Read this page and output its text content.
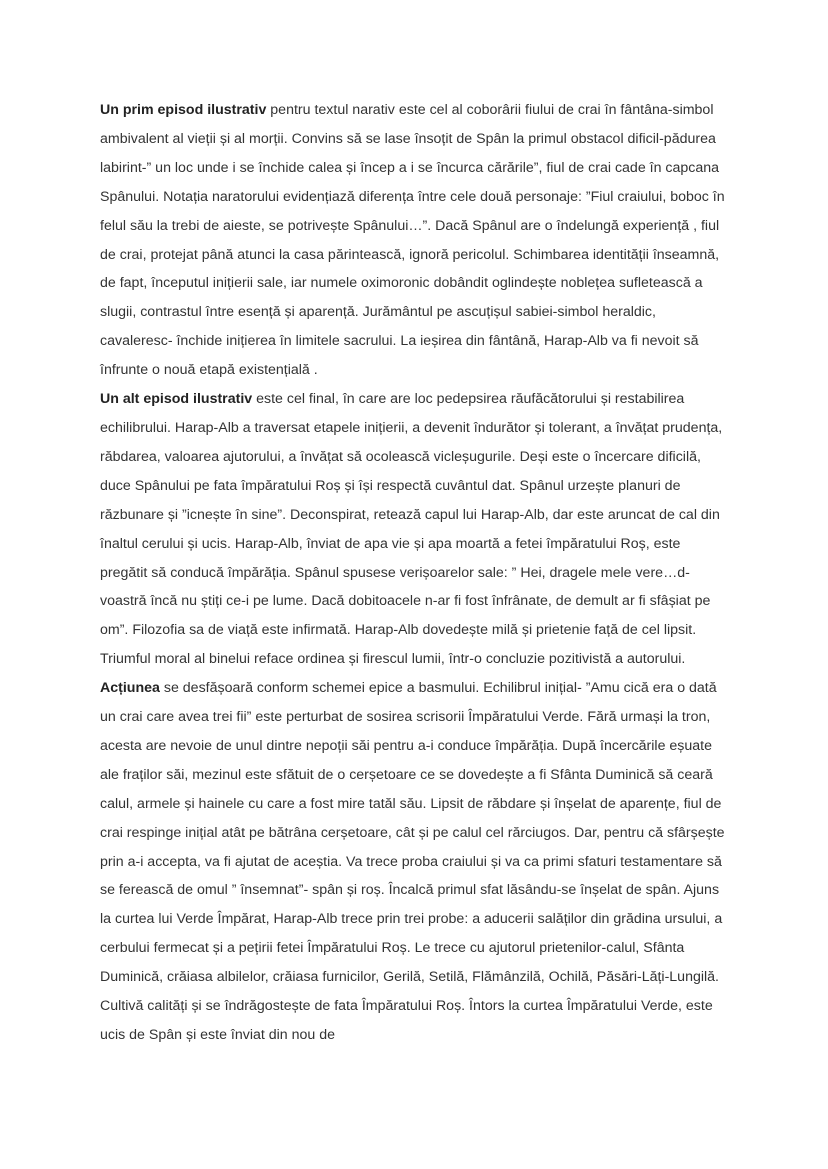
Un prim episod ilustrativ pentru textul narativ este cel al coborârii fiului de crai în fântâna-simbol ambivalent al vieții și al morții. Convins să se lase însoțit de Spân la primul obstacol dificil-pădurea labirint-” un loc unde i se închide calea și încep a i se încurca cărările”, fiul de crai cade în capcana Spânului. Notația naratorului evidențiază diferența între cele două personaje: ”Fiul craiului, boboc în felul său la trebi de aieste, se potrivește Spânului…”. Dacă Spânul are o îndelungă experiență , fiul de crai, protejat până atunci la casa părintească, ignoră pericolul. Schimbarea identității înseamnă, de fapt, începutul inițierii sale, iar numele oximoronic dobândit oglindește noblețea sufletească a slugii, contrastul între esență și aparență. Jurământul pe ascuțișul sabiei-simbol heraldic, cavaleresc- închide inițierea în limitele sacrului. La ieșirea din fântână, Harap-Alb va fi nevoit să înfrunte o nouă etapă existențială .

Un alt episod ilustrativ este cel final, în care are loc pedepsirea răufăcătorului și restabilirea echilibrului. Harap-Alb a traversat etapele inițierii, a devenit îndurător și tolerant, a învățat prudența, răbdarea, valoarea ajutorului, a învățat să ocolească vicleșugurile. Deși este o încercare dificilă, duce Spânului pe fata împăratului Roș și își respectă cuvântul dat. Spânul urzește planuri de răzbunare și ”icnește în sine”. Deconspirat, retează capul lui Harap-Alb, dar este aruncat de cal din înaltul cerului și ucis. Harap-Alb, înviat de apa vie și apa moartă a fetei împăratului Roș, este pregătit să conducă împărăția. Spânul spusese verișoarelor sale: ” Hei, dragele mele vere…d-voastră încă nu știți ce-i pe lume. Dacă dobitoacele n-ar fi fost înfrânate, de demult ar fi sfâșiat pe om”. Filozofia sa de viață este infirmată. Harap-Alb dovedește milă și prietenie față de cel lipsit. Triumful moral al binelui reface ordinea și firescul lumii, într-o concluzie pozitivistă a autorului.

Acțiunea se desfășoară conform schemei epice a basmului. Echilibrul inițial- ”Amu cică era o dată un crai care avea trei fii” este perturbat de sosirea scrisorii Împăratului Verde. Fără urmași la tron, acesta are nevoie de unul dintre nepoții săi pentru a-i conduce împărăția. După încercările eșuate ale fraților săi, mezinul este sfătuit de o cerșetoare ce se dovedește a fi Sfânta Duminică să ceară calul, armele și hainele cu care a fost mire tatăl său. Lipsit de răbdare și înșelat de aparențe, fiul de crai respinge inițial atât pe bătrâna cerșetoare, cât și pe calul cel rărciugos. Dar, pentru că sfârșește prin a-i accepta, va fi ajutat de aceștia. Va trece proba craiului și va ca primi sfaturi testamentare să se ferească de omul ” însemnat”- spân și roș. Încalcă primul sfat lăsându-se înșelat de spân. Ajuns la curtea lui Verde Împărat, Harap-Alb trece prin trei probe: a aducerii salăților din grădina ursului, a cerbului fermecat și a pețirii fetei Împăratului Roș. Le trece cu ajutorul prietenilor-calul, Sfânta Duminică, crăiasa albilelor, crăiasa furnicilor, Gerilă, Setilă, Flămânzilă, Ochilă, Păsări-Lăți-Lungilă. Cultivă calități și se îndrăgostește de fata Împăratului Roș. Întors la curtea Împăratului Verde, este ucis de Spân și este înviat din nou de
